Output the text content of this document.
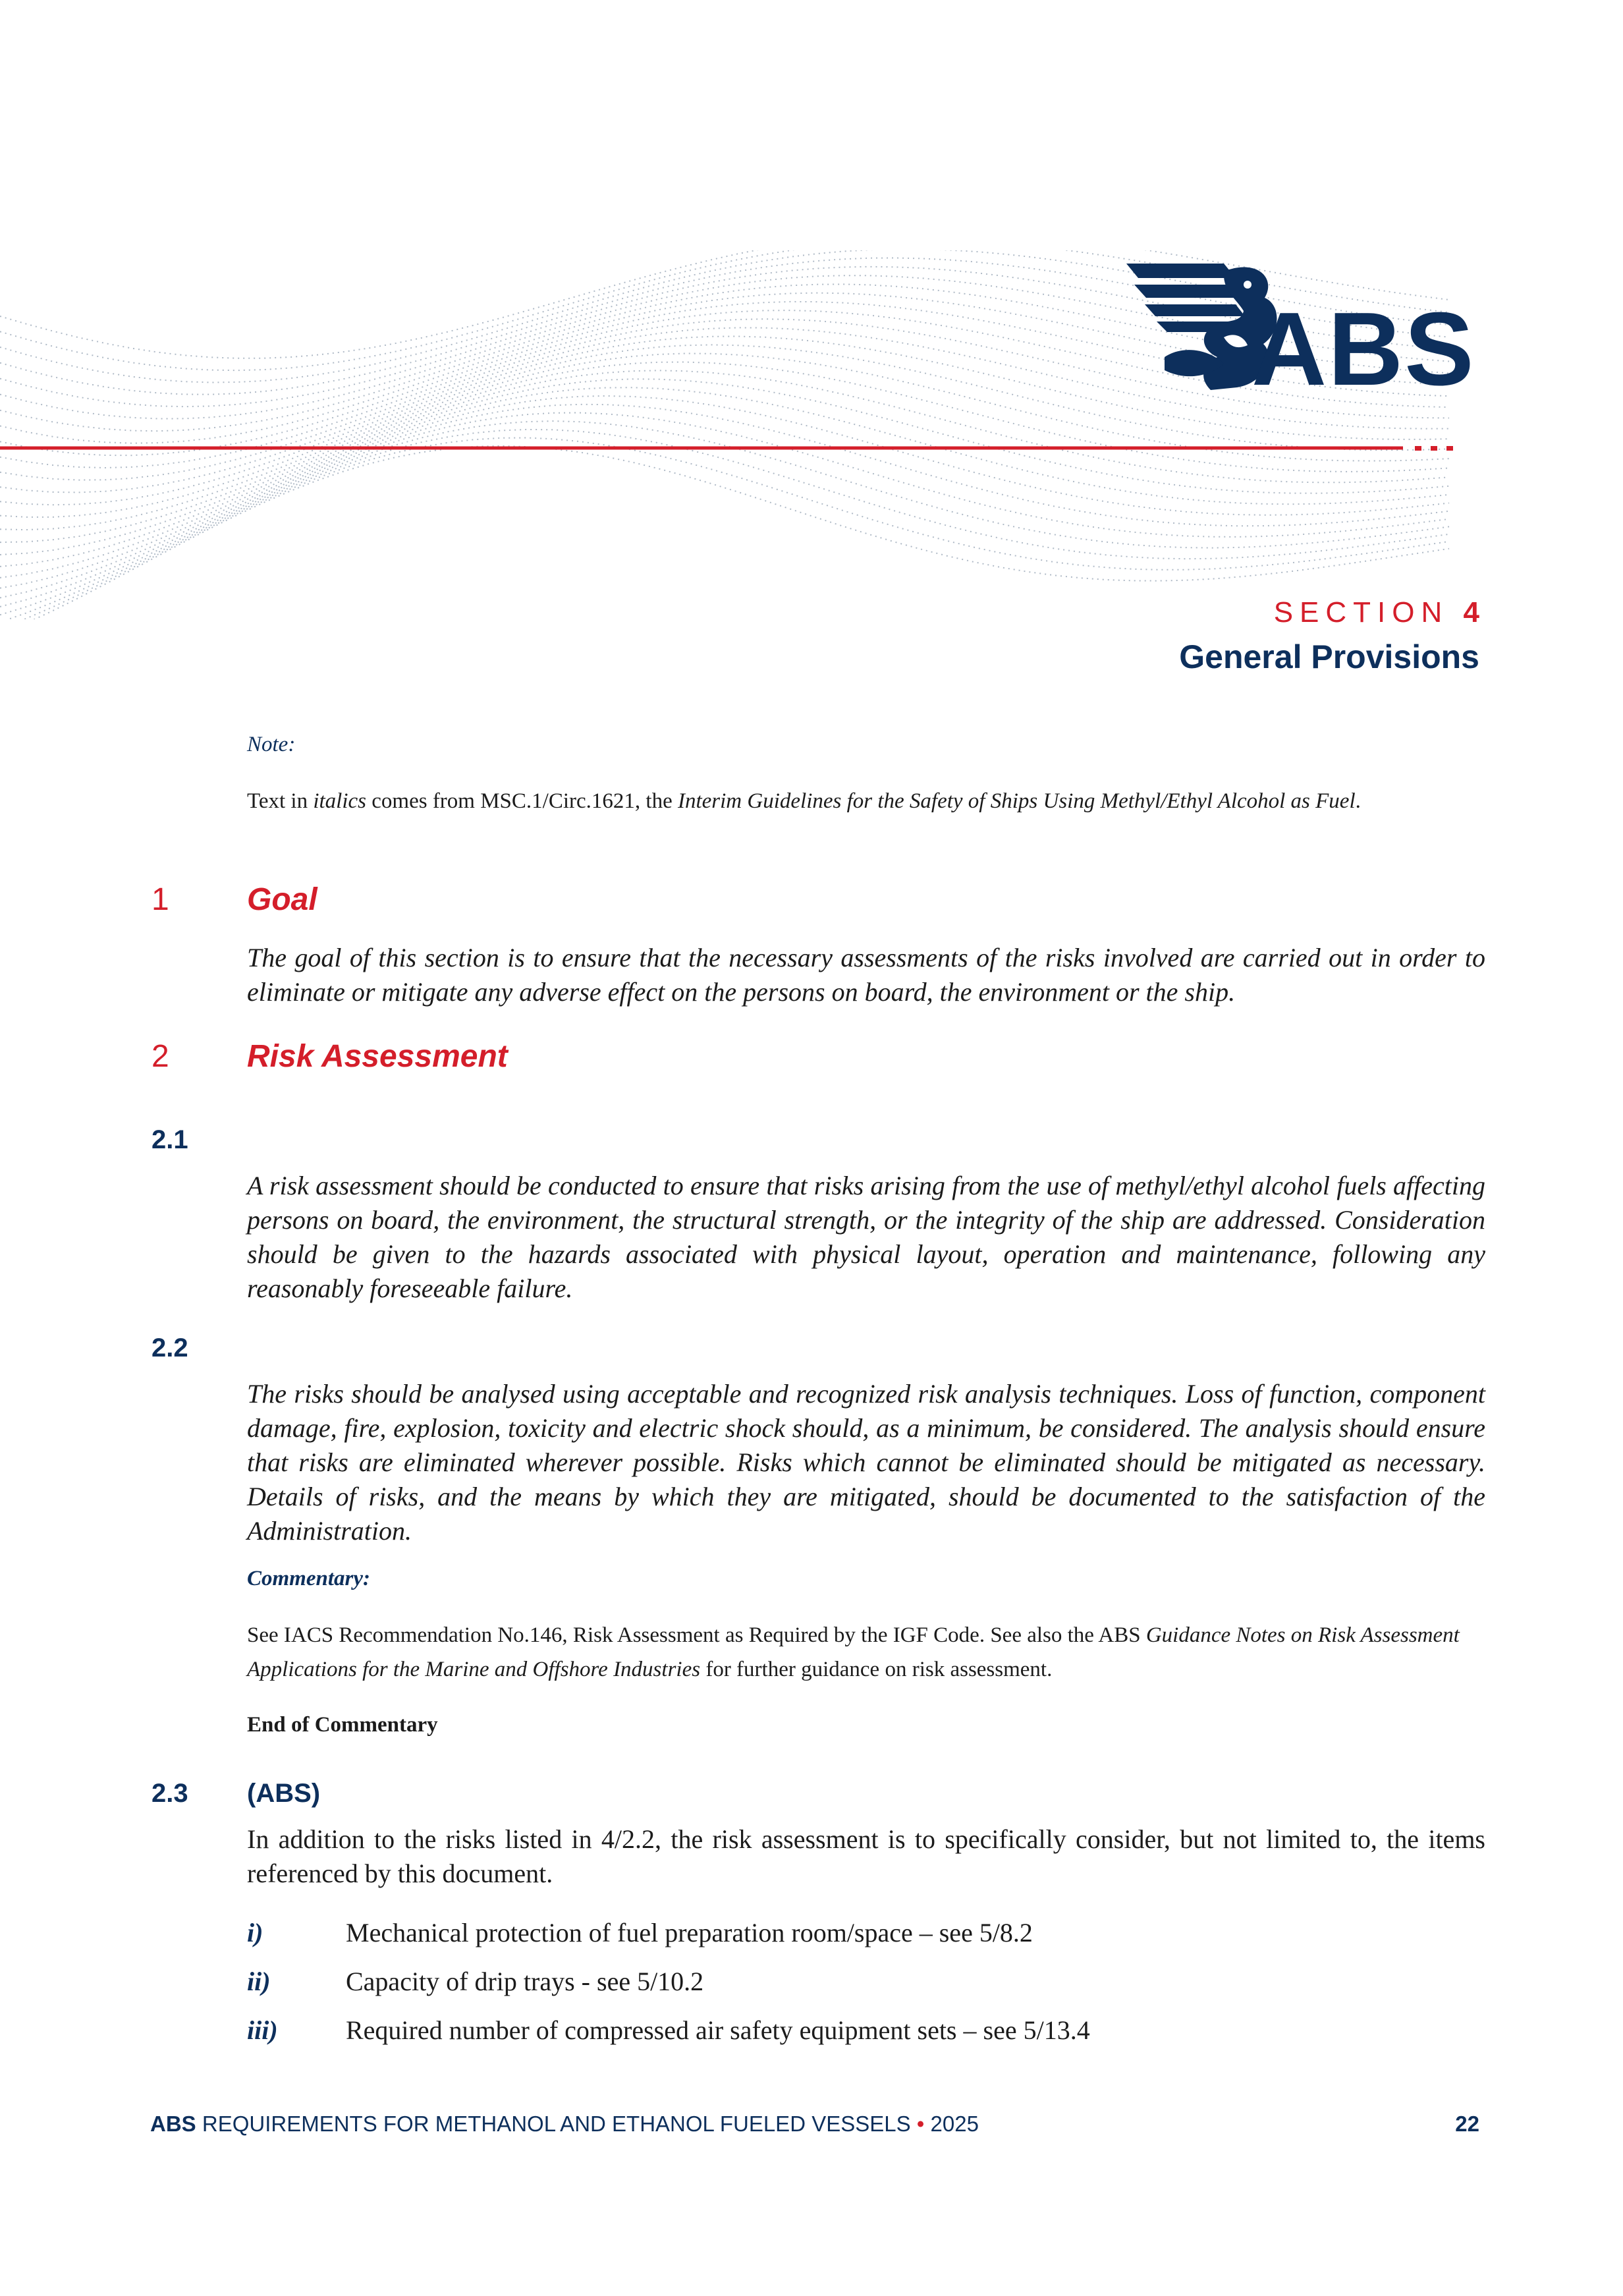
ABS
SECTION 4
General Provisions
Note:
Text in italics comes from MSC.1/Circ.1621, the Interim Guidelines for the Safety of Ships Using Methyl/Ethyl Alcohol as Fuel.
1 Goal
The goal of this section is to ensure that the necessary assessments of the risks involved are carried out in order to eliminate or mitigate any adverse effect on the persons on board, the environment or the ship.
2 Risk Assessment
2.1
A risk assessment should be conducted to ensure that risks arising from the use of methyl/ethyl alcohol fuels affecting persons on board, the environment, the structural strength, or the integrity of the ship are addressed. Consideration should be given to the hazards associated with physical layout, operation and maintenance, following any reasonably foreseeable failure.
2.2
The risks should be analysed using acceptable and recognized risk analysis techniques. Loss of function, component damage, fire, explosion, toxicity and electric shock should, as a minimum, be considered. The analysis should ensure that risks are eliminated wherever possible. Risks which cannot be eliminated should be mitigated as necessary. Details of risks, and the means by which they are mitigated, should be documented to the satisfaction of the Administration.
Commentary:
See IACS Recommendation No.146, Risk Assessment as Required by the IGF Code. See also the ABS Guidance Notes on Risk Assessment Applications for the Marine and Offshore Industries for further guidance on risk assessment.
End of Commentary
2.3 (ABS)
In addition to the risks listed in 4/2.2, the risk assessment is to specifically consider, but not limited to, the items referenced by this document.
i)	Mechanical protection of fuel preparation room/space – see 5/8.2
ii)	Capacity of drip trays - see 5/10.2
iii)	Required number of compressed air safety equipment sets – see 5/13.4
ABS REQUIREMENTS FOR METHANOL AND ETHANOL FUELED VESSELS • 2025	22
